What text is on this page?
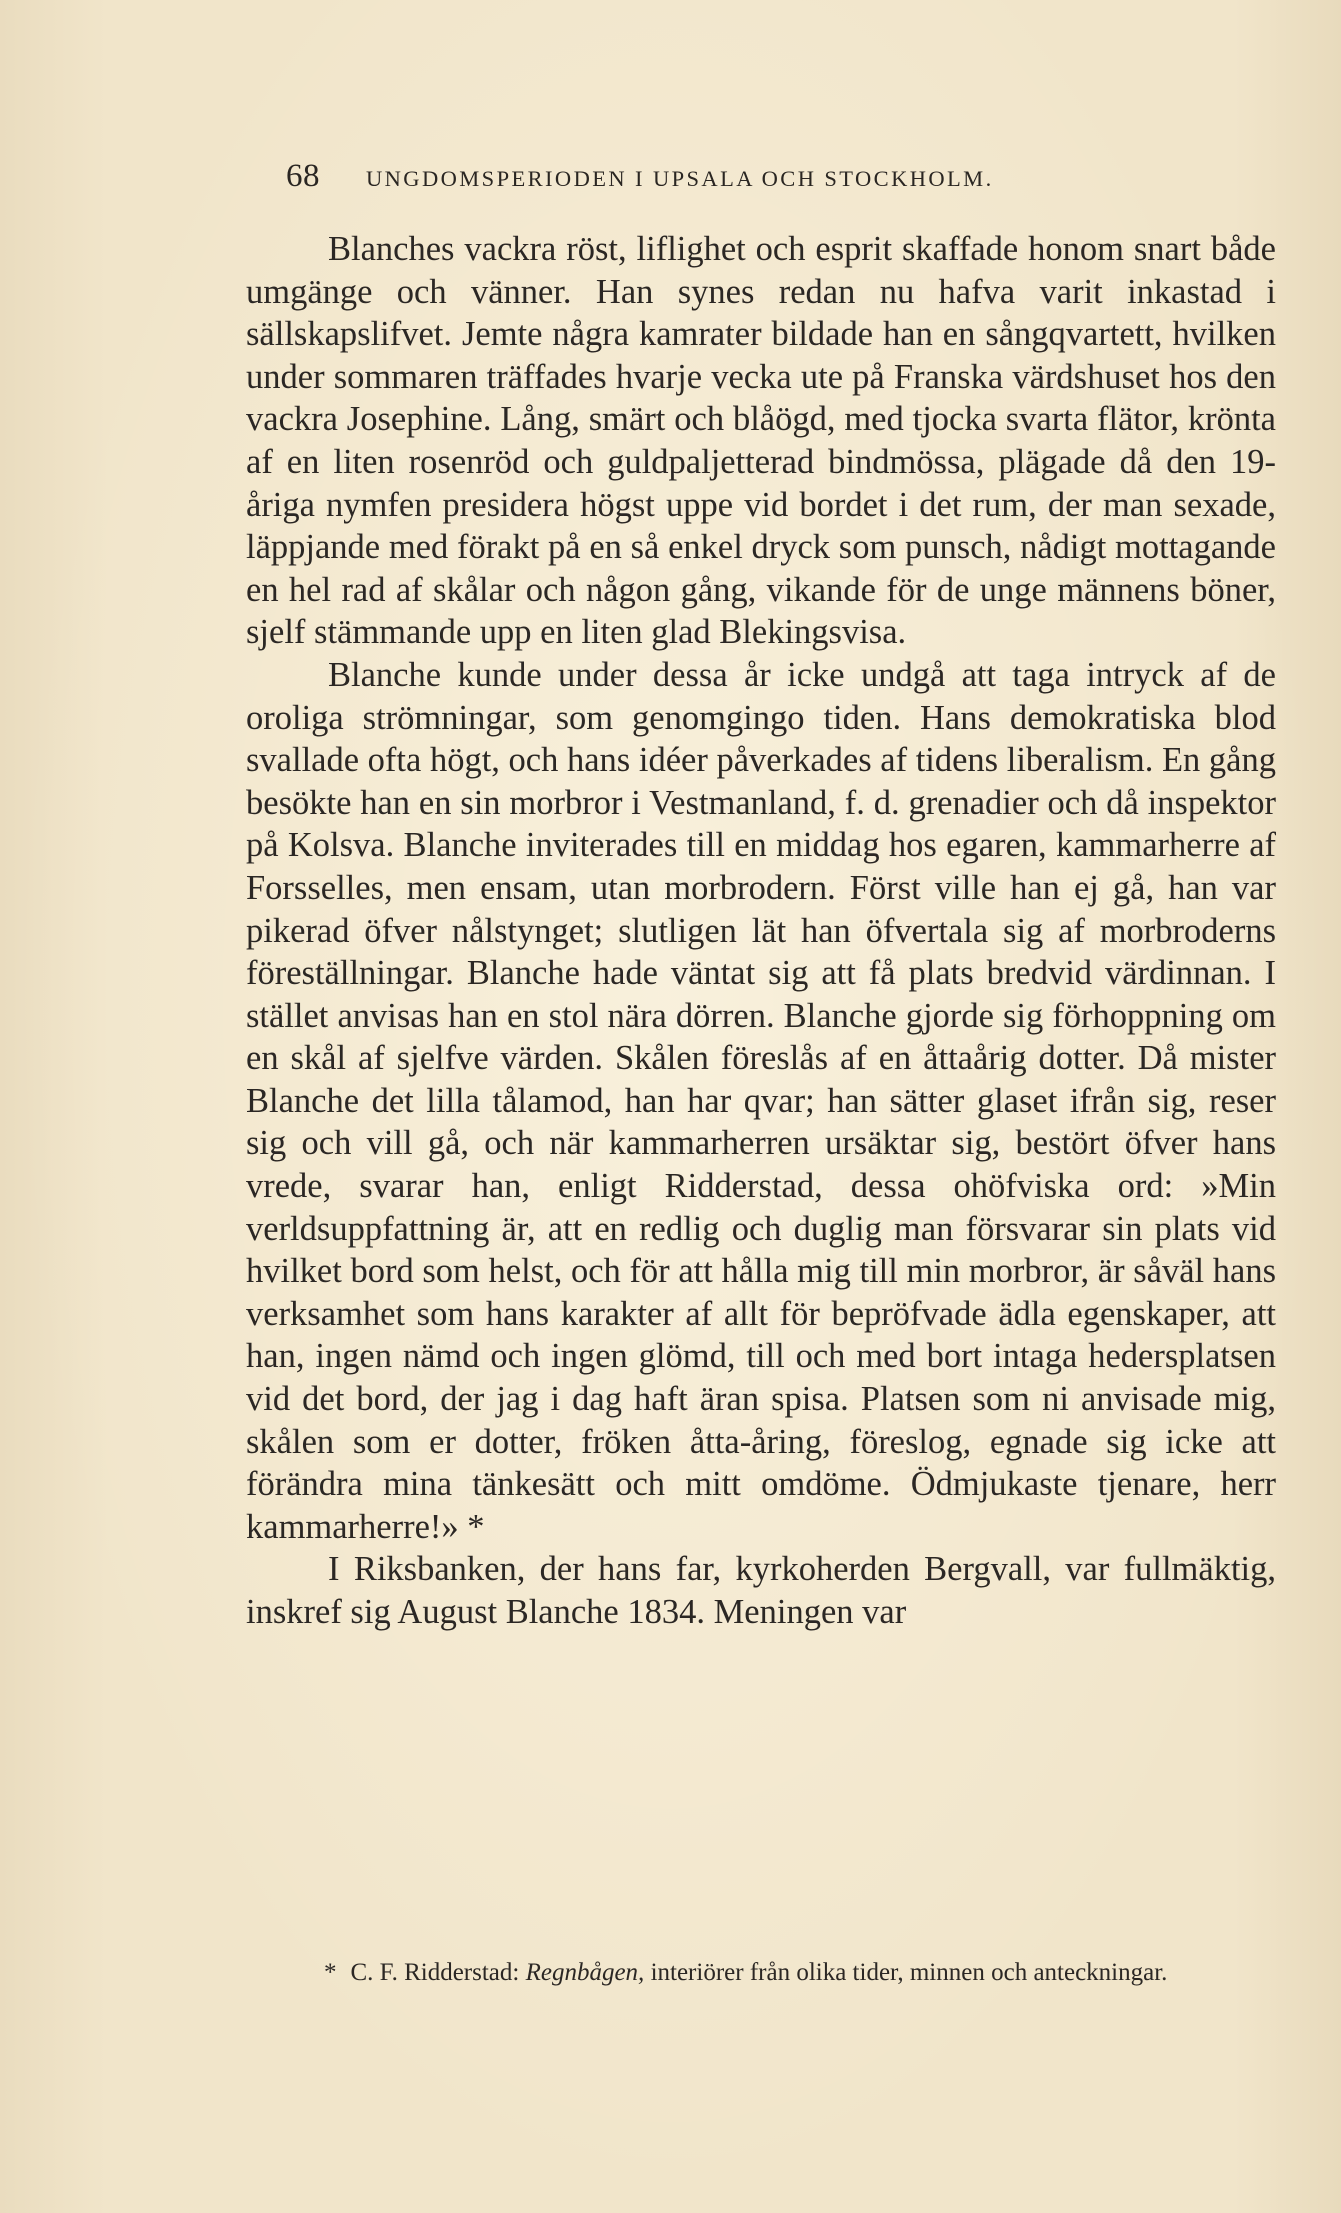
68 UNGDOMSPERIODEN I UPSALA OCH STOCKHOLM.

Blanches vackra röst, liflighet och esprit skaffade honom snart både umgänge och vänner. Han synes redan nu hafva varit inkastad i sällskapslifvet. Jemte några kamrater bildade han en sångqvartett, hvilken under sommaren träffades hvarje vecka ute på Franska värdshuset hos den vackra Josephine. Lång, smärt och blåögd, med tjocka svarta flätor, krönta af en liten rosenröd och guldpaljetterad bindmössa, plägade då den 19-åriga nymfen presidera högst uppe vid bordet i det rum, der man sexade, läppjande med förakt på en så enkel dryck som punsch, nådigt mottagande en hel rad af skålar och någon gång, vikande för de unge männens böner, sjelf stämmande upp en liten glad Blekingsvisa.

Blanche kunde under dessa år icke undgå att taga intryck af de oroliga strömningar, som genomgingo tiden. Hans demokratiska blod svallade ofta högt, och hans idéer påverkades af tidens liberalism. En gång besökte han en sin morbror i Vestmanland, f. d. grenadier och då inspektor på Kolsva. Blanche inviterades till en middag hos egaren, kammarherre af Forsselles, men ensam, utan morbrodern. Först ville han ej gå, han var pikerad öfver nålstynget; slutligen lät han öfvertala sig af morbroderns föreställningar. Blanche hade väntat sig att få plats bredvid värdinnan. I stället anvisas han en stol nära dörren. Blanche gjorde sig förhoppning om en skål af sjelfve värden. Skålen föreslås af en åttaårig dotter. Då mister Blanche det lilla tålamod, han har qvar; han sätter glaset ifrån sig, reser sig och vill gå, och när kammarherren ursäktar sig, bestört öfver hans vrede, svarar han, enligt Ridderstad, dessa ohöfviska ord: »Min verldsuppfattning är, att en redlig och duglig man försvarar sin plats vid hvilket bord som helst, och för att hålla mig till min morbror, är såväl hans verksamhet som hans karakter af allt för bepröfvade ädla egenskaper, att han, ingen nämd och ingen glömd, till och med bort intaga hedersplatsen vid det bord, der jag i dag haft äran spisa. Platsen som ni anvisade mig, skålen som er dotter, fröken åtta-åring, föreslog, egnade sig icke att förändra mina tänkesätt och mitt omdöme. Ödmjukaste tjenare, herr kammarherre!» *

I Riksbanken, der hans far, kyrkoherden Bergvall, var fullmäktig, inskref sig August Blanche 1834. Meningen var

* C. F. Ridderstad: Regnbågen, interiörer från olika tider, minnen och anteckningar.
